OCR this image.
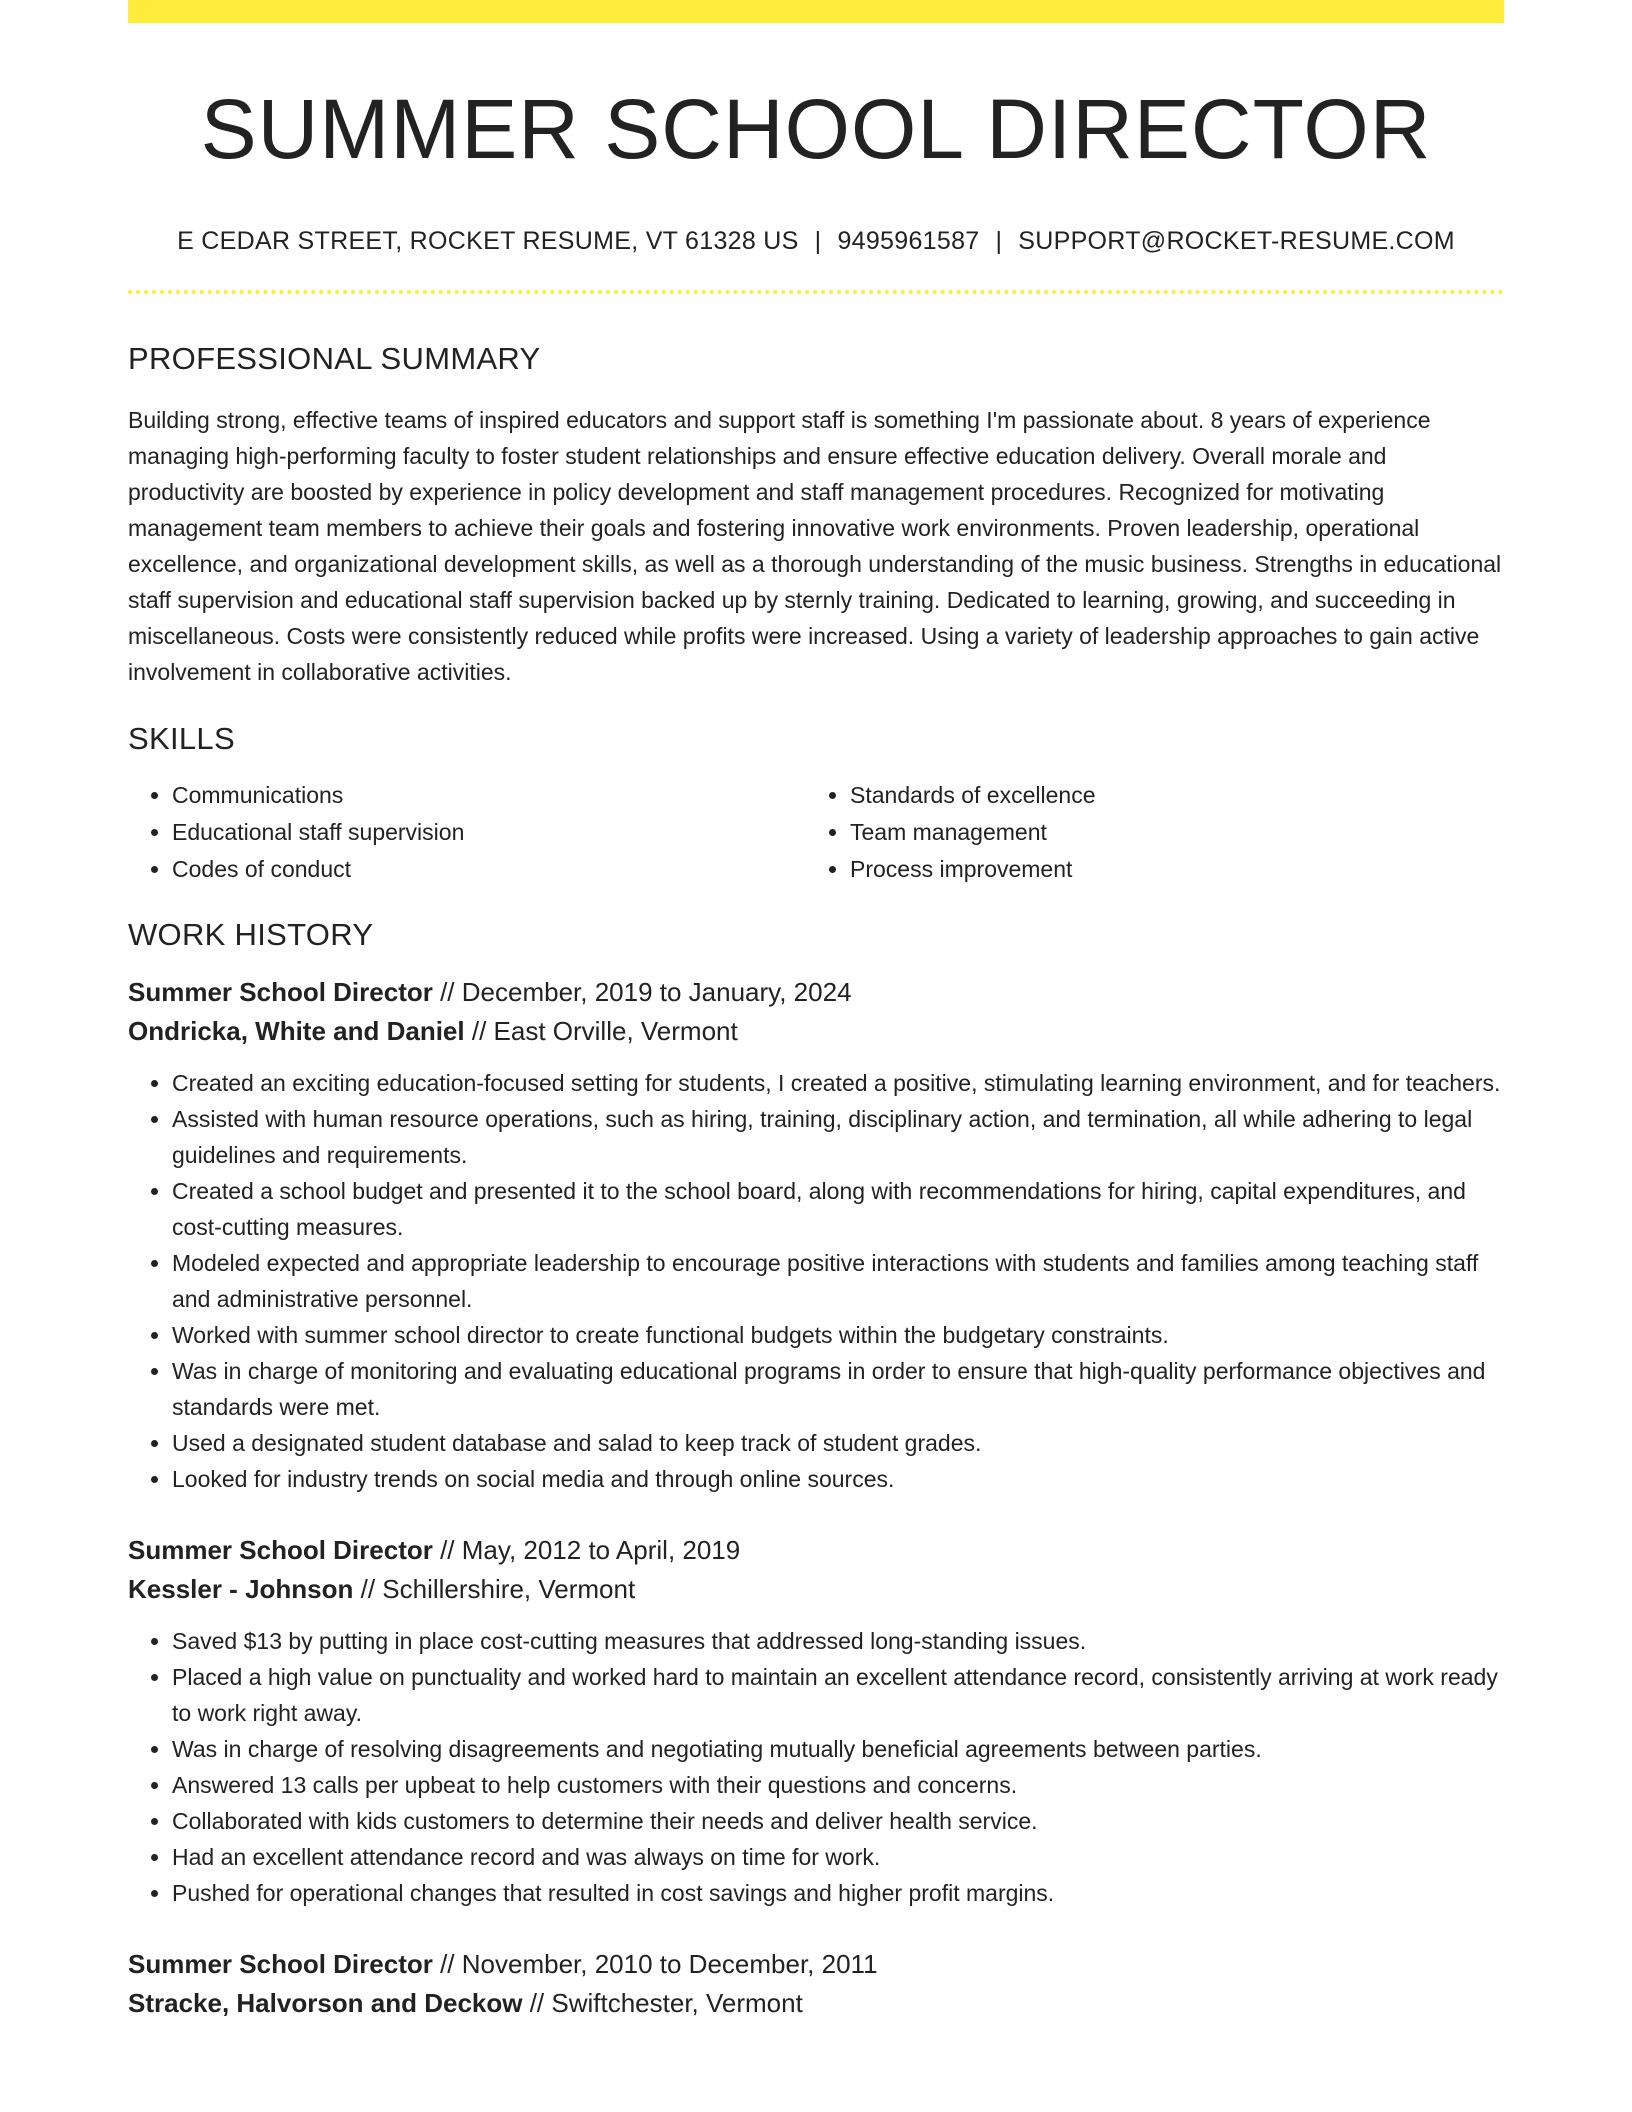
SUMMER SCHOOL DIRECTOR
E CEDAR STREET, ROCKET RESUME, VT 61328 US | 9495961587 | SUPPORT@ROCKET-RESUME.COM
PROFESSIONAL SUMMARY

Building strong, effective teams of inspired educators and support staff is something I'm passionate about. 8 years of experience managing high-performing faculty to foster student relationships and ensure effective education delivery. Overall morale and productivity are boosted by experience in policy development and staff management procedures. Recognized for motivating management team members to achieve their goals and fostering innovative work environments. Proven leadership, operational excellence, and organizational development skills, as well as a thorough understanding of the music business. Strengths in educational staff supervision and educational staff supervision backed up by sternly training. Dedicated to learning, growing, and succeeding in miscellaneous. Costs were consistently reduced while profits were increased. Using a variety of leadership approaches to gain active involvement in collaborative activities.

SKILLS
• Communications
• Educational staff supervision
• Codes of conduct
• Standards of excellence
• Team management
• Process improvement
WORK HISTORY
Summer School Director // December, 2019 to January, 2024
Ondricka, White and Daniel // East Orville, Vermont
• Created an exciting education-focused setting for students, I created a positive, stimulating learning environment, and for teachers.
• Assisted with human resource operations, such as hiring, training, disciplinary action, and termination, all while adhering to legal guidelines and requirements.
• Created a school budget and presented it to the school board, along with recommendations for hiring, capital expenditures, and cost-cutting measures.
• Modeled expected and appropriate leadership to encourage positive interactions with students and families among teaching staff and administrative personnel.
• Worked with summer school director to create functional budgets within the budgetary constraints.
• Was in charge of monitoring and evaluating educational programs in order to ensure that high-quality performance objectives and standards were met.
• Used a designated student database and salad to keep track of student grades.
• Looked for industry trends on social media and through online sources.
Summer School Director // May, 2012 to April, 2019
Kessler - Johnson // Schillershire, Vermont
• Saved $13 by putting in place cost-cutting measures that addressed long-standing issues.
• Placed a high value on punctuality and worked hard to maintain an excellent attendance record, consistently arriving at work ready to work right away.
• Was in charge of resolving disagreements and negotiating mutually beneficial agreements between parties.
• Answered 13 calls per upbeat to help customers with their questions and concerns.
• Collaborated with kids customers to determine their needs and deliver health service.
• Had an excellent attendance record and was always on time for work.
• Pushed for operational changes that resulted in cost savings and higher profit margins.
Summer School Director // November, 2010 to December, 2011
Stracke, Halvorson and Deckow // Swiftchester, Vermont
